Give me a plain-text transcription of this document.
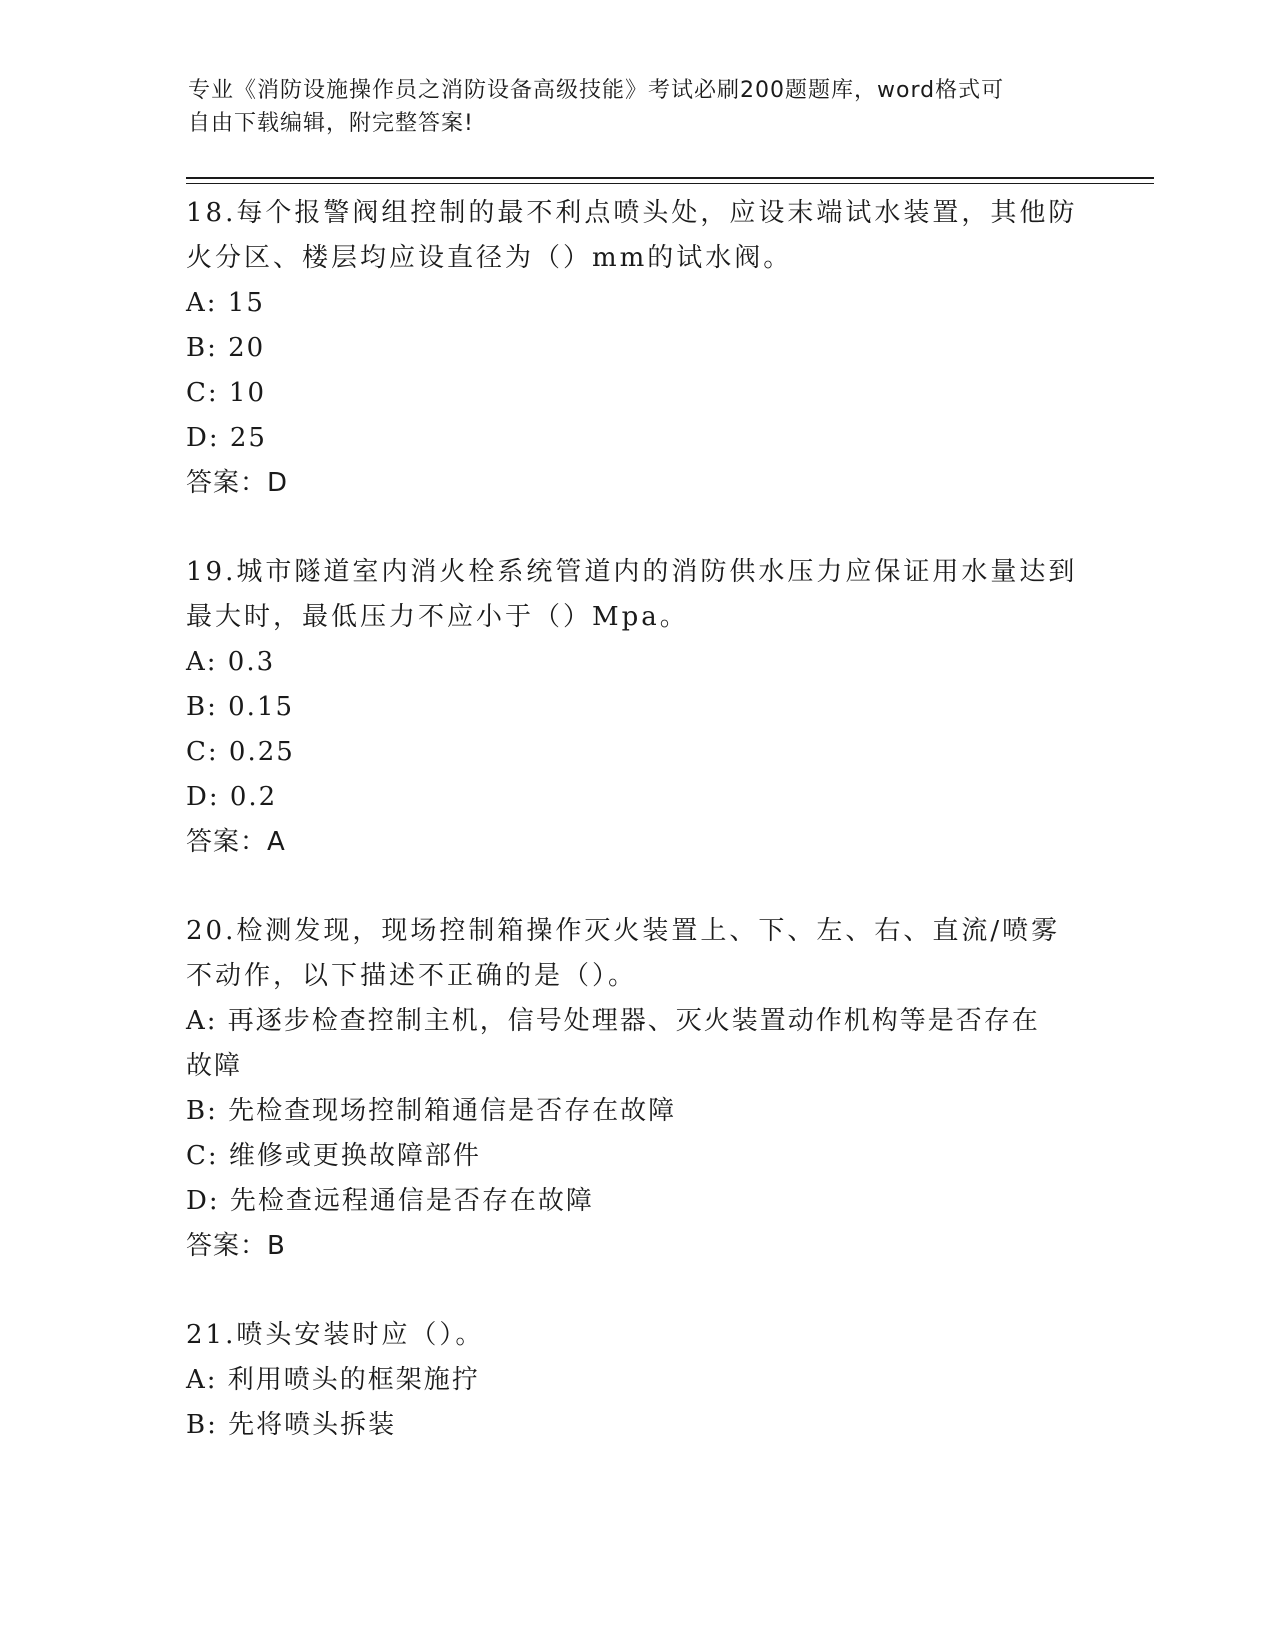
专业《消防设施操作员之消防设备高级技能》考试必刷200题题库，word格式可
自由下载编辑，附完整答案!
18.每个报警阀组控制的最不利点喷头处，应设末端试水装置，其他防
火分区、楼层均应设直径为（）mm的试水阀。
A: 15
B: 20
C: 10
D: 25
答案：D
19.城市隧道室内消火栓系统管道内的消防供水压力应保证用水量达到
最大时，最低压力不应小于（）Mpa。
A: 0.3
B: 0.15
C: 0.25
D: 0.2
答案：A
20.检测发现，现场控制箱操作灭火装置上、下、左、右、直流/喷雾
不动作，以下描述不正确的是（）。
A: 再逐步检查控制主机，信号处理器、灭火装置动作机构等是否存在
故障
B: 先检查现场控制箱通信是否存在故障
C: 维修或更换故障部件
D: 先检查远程通信是否存在故障
答案：B
21.喷头安装时应（）。
A: 利用喷头的框架施拧
B: 先将喷头拆装
